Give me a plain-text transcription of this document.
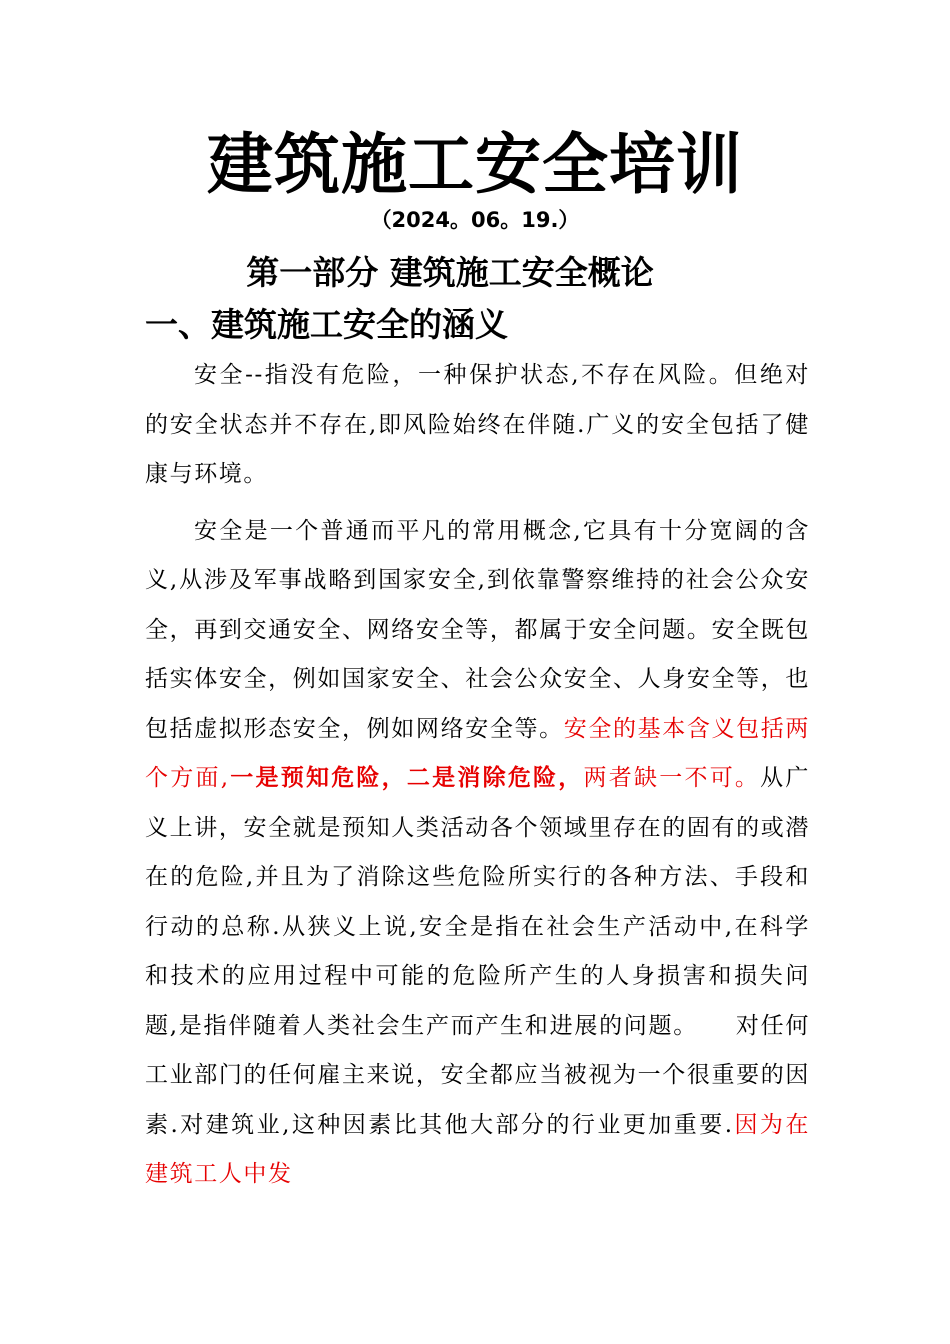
建筑施工安全培训
（2024。06。19.）
第一部分 建筑施工安全概论
一、建筑施工安全的涵义

安全--指没有危险，一种保护状态,不存在风险。但绝对的安全状态并不存在,即风险始终在伴随.广义的安全包括了健康与环境。

安全是一个普通而平凡的常用概念,它具有十分宽阔的含义,从涉及军事战略到国家安全,到依靠警察维持的社会公众安全，再到交通安全、网络安全等，都属于安全问题。安全既包括实体安全，例如国家安全、社会公众安全、人身安全等，也包括虚拟形态安全，例如网络安全等。安全的基本含义包括两个方面,一是预知危险，二是消除危险，两者缺一不可。从广义上讲，安全就是预知人类活动各个领域里存在的固有的或潜在的危险,并且为了消除这些危险所实行的各种方法、手段和行动的总称.从狭义上说,安全是指在社会生产活动中,在科学和技术的应用过程中可能的危险所产生的人身损害和损失问题,是指伴随着人类社会生产而产生和进展的问题。　　对任何工业部门的任何雇主来说，安全都应当被视为一个很重要的因素.对建筑业,这种因素比其他大部分的行业更加重要.因为在建筑工人中发
